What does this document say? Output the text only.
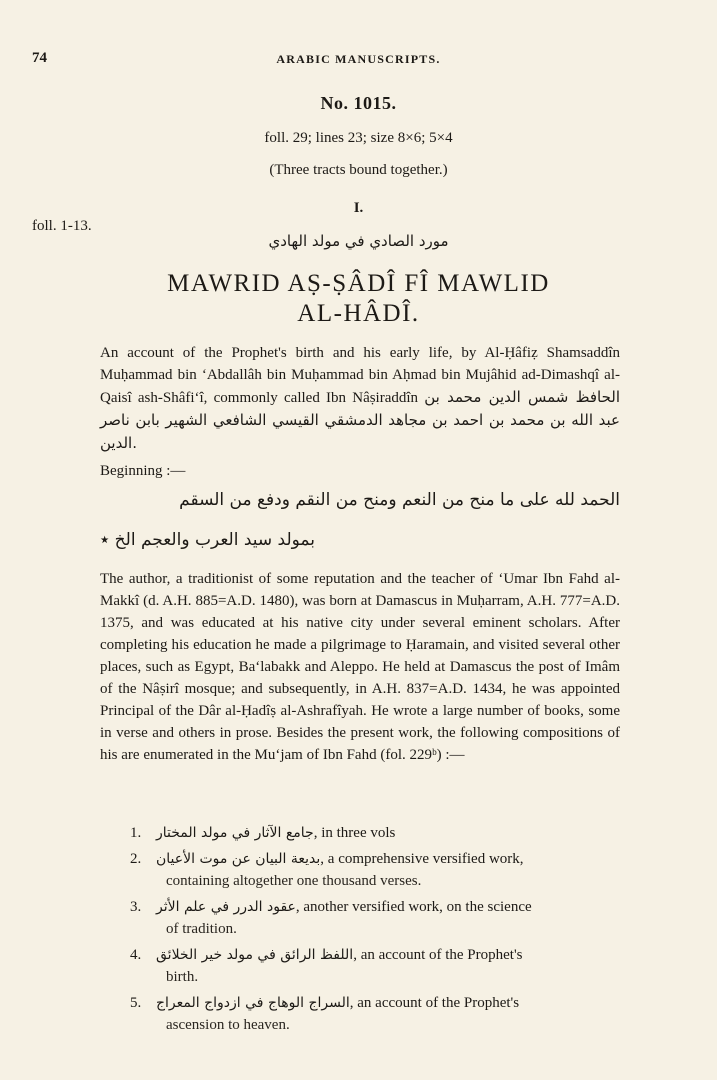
74	ARABIC MANUSCRIPTS.
No. 1015.
foll. 29; lines 23; size 8×6; 5×4
(Three tracts bound together.)
I.
foll. 1-13.
مورد الصادي في مولد الهادي
MAWRID AṢ-ṢÂDÎ FÎ MAWLID
AL-HÂDÎ.

An account of the Prophet's birth and his early life, by Al-Ḥâfiẓ Shamsaddîn Muḥammad bin ‘Abdallâh bin Muḥammad bin Aḥmad bin Mujâhid ad-Dimashqî al-Qaisî ash-Shâfi‘î, commonly called Ibn Nâṣiraddîn الحافظ شمس الدين محمد بن عبد الله بن محمد بن احمد بن مجاهد الدمشقي القيسي الشافعي الشهير بابن ناصر الدين.

Beginning :—
الحمد لله على ما منح من النعم ومنح من النقم ودفع من السقم
بمولد سيد العرب والعجم الخ ٭

The author, a traditionist of some reputation and the teacher of ‘Umar Ibn Fahd al-Makkî (d. A.H. 885=A.D. 1480), was born at Damascus in Muḥarram, A.H. 777=A.D. 1375, and was educated at his native city under several eminent scholars. After completing his education he made a pilgrimage to Ḥaramain, and visited several other places, such as Egypt, Ba‘labakk and Aleppo. He held at Damascus the post of Imâm of the Nâṣirî mosque; and subsequently, in A.H. 837=A.D. 1434, he was appointed Principal of the Dâr al-Ḥadîṣ al-Ashrafîyah. He wrote a large number of books, some in verse and others in prose. Besides the present work, the following compositions of his are enumerated in the Mu‘jam of Ibn Fahd (fol. 229ᵇ) :—

1. جامع الآثار في مولد المختار, in three vols
2. بديعة البيان عن موت الأعيان, a comprehensive versified work,
containing altogether one thousand verses.
3. عقود الدرر في علم الأثر, another versified work, on the science
of tradition.
4. اللفظ الرائق في مولد خير الخلائق, an account of the Prophet's
birth.
5. السراج الوهاج في ازدواج المعراج, an account of the Prophet's
ascension to heaven.
